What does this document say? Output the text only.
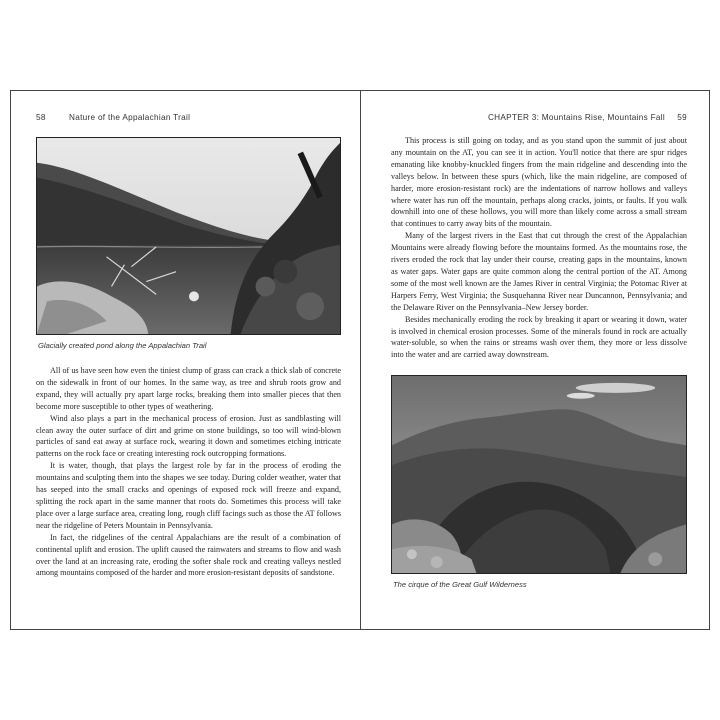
58	Nature of the Appalachian Trail
Glacially created pond along the Appalachian Trail

All of us have seen how even the tiniest clump of grass can crack a thick slab of concrete on the sidewalk in front of our homes. In the same way, as tree and shrub roots grow and expand, they will actually pry apart large rocks, breaking them into smaller pieces that then become more susceptible to other types of weathering.

Wind also plays a part in the mechanical process of erosion. Just as sandblasting will clean away the outer surface of dirt and grime on stone buildings, so too will wind-blown particles of sand eat away at surface rock, wearing it down and sometimes etching intricate patterns on the rock face or creating interesting rock outcropping formations.

It is water, though, that plays the largest role by far in the process of eroding the mountains and sculpting them into the shapes we see today. During colder weather, water that has seeped into the small cracks and openings of exposed rock will freeze and expand, splitting the rock apart in the same manner that roots do. Sometimes this process will take place over a large surface area, creating long, rough cliff facings such as those the AT follows near the ridgeline of Peters Mountain in Pennsylvania.

In fact, the ridgelines of the central Appalachians are the result of a combination of continental uplift and erosion. The uplift caused the rainwaters and streams to flow and wash over the land at an increasing rate, eroding the softer shale rock and creating valleys nestled among mountains composed of the harder and more erosion-resistant deposits of sandstone.

CHAPTER 3: Mountains Rise, Mountains Fall 59

This process is still going on today, and as you stand upon the summit of just about any mountain on the AT, you can see it in action. You'll notice that there are spur ridges emanating like knobby-knuckled fingers from the main ridgeline and descending into the valleys below. In between these spurs (which, like the main ridgeline, are composed of harder, more erosion-resistant rock) are the indentations of narrow hollows and valleys where water has run off the mountain, perhaps along cracks, joints, or faults. If you walk downhill into one of these hollows, you will more than likely come across a small stream that continues to carry away bits of the mountain.

Many of the largest rivers in the East that cut through the crest of the Appalachian Mountains were already flowing before the mountains formed. As the mountains rose, the rivers eroded the rock that lay under their course, creating gaps in the mountains, known as water gaps. Water gaps are quite common along the central portion of the AT. Among some of the most well known are the James River in central Virginia; the Potomac River at Harpers Ferry, West Virginia; the Susquehanna River near Duncannon, Pennsylvania; and the Delaware River on the Pennsylvania–New Jersey border.

Besides mechanically eroding the rock by breaking it apart or wearing it down, water is involved in chemical erosion processes. Some of the minerals found in rock are actually water-soluble, so when the rains or streams wash over them, they more or less dissolve into the water and are carried away downstream.

The cirque of the Great Gulf Wilderness
